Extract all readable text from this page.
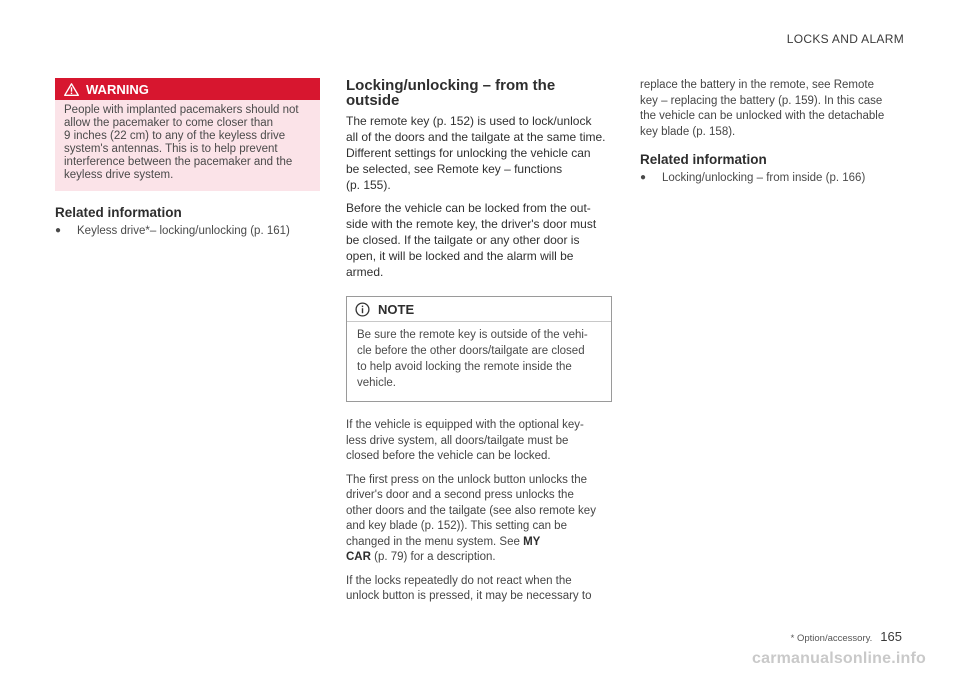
LOCKS AND ALARM
WARNING

People with implanted pacemakers should not
allow the pacemaker to come closer than
9 inches (22 cm) to any of the keyless drive
system's antennas. This is to help prevent
interference between the pacemaker and the
keyless drive system.

Related information
●	Keyless drive*– locking/unlocking (p. 161)
Locking/unlocking – from the
outside

The remote key (p. 152) is used to lock/unlock
all of the doors and the tailgate at the same time.
Different settings for unlocking the vehicle can
be selected, see Remote key – functions
(p. 155).

Before the vehicle can be locked from the out-
side with the remote key, the driver's door must
be closed. If the tailgate or any other door is
open, it will be locked and the alarm will be
armed.

NOTE
Be sure the remote key is outside of the vehi-
cle before the other doors/tailgate are closed
to help avoid locking the remote inside the
vehicle.

If the vehicle is equipped with the optional key-
less drive system, all doors/tailgate must be
closed before the vehicle can be locked.

The first press on the unlock button unlocks the
driver's door and a second press unlocks the
other doors and the tailgate (see also remote key
and key blade (p. 152)). This setting can be
changed in the menu system. See MY
CAR (p. 79) for a description.

If the locks repeatedly do not react when the
unlock button is pressed, it may be necessary to

replace the battery in the remote, see Remote
key – replacing the battery (p. 159). In this case
the vehicle can be unlocked with the detachable
key blade (p. 158).

Related information
●	Locking/unlocking – from inside (p. 166)
* Option/accessory. 165
carmanualsonline.info
